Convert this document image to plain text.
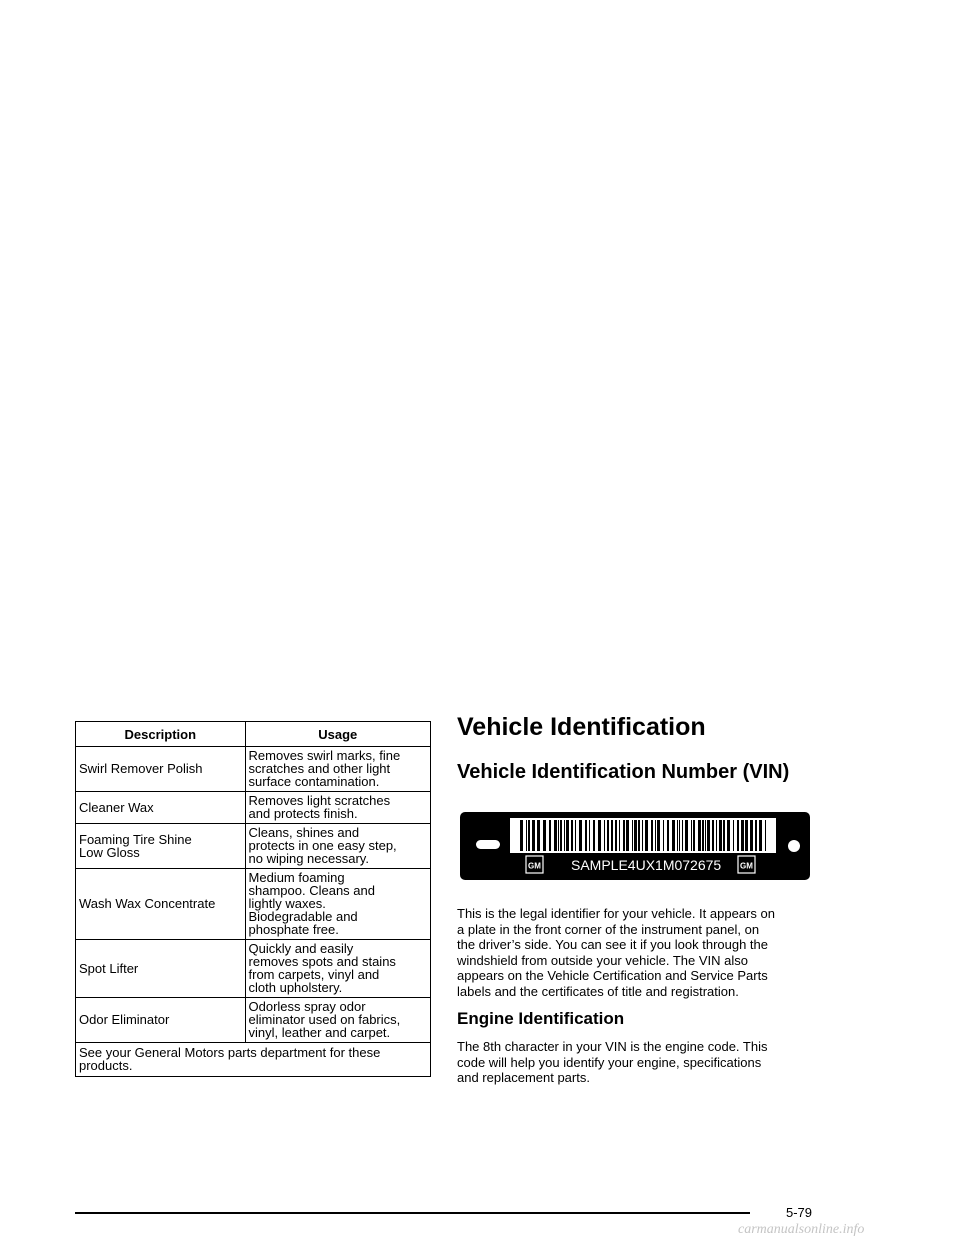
Description	Usage

Swirl Remover Polish	Removes swirl marks, fine
scratches and other light
surface contamination.

Cleaner Wax	Removes light scratches
and protects finish.

Foaming Tire Shine
Low Gloss	Cleans, shines and
protects in one easy step,
no wiping necessary.

Wash Wax Concentrate	Medium foaming
shampoo. Cleans and
lightly waxes.
Biodegradable and
phosphate free.

Spot Lifter	Quickly and easily
removes spots and stains
from carpets, vinyl and
cloth upholstery.

Odor Eliminator	Odorless spray odor
eliminator used on fabrics,
vinyl, leather and carpet.

See your General Motors parts department for these
products.	
Vehicle Identification
Vehicle Identification Number (VIN)
GM SAMPLE4UX1M072675 GM

This is the legal identifier for your vehicle. It appears on
a plate in the front corner of the instrument panel, on
the driver’s side. You can see it if you look through the
windshield from outside your vehicle. The VIN also
appears on the Vehicle Certification and Service Parts
labels and the certificates of title and registration.

Engine Identification

The 8th character in your VIN is the engine code. This
code will help you identify your engine, specifications
and replacement parts.

5-79
carmanualsonline.info
